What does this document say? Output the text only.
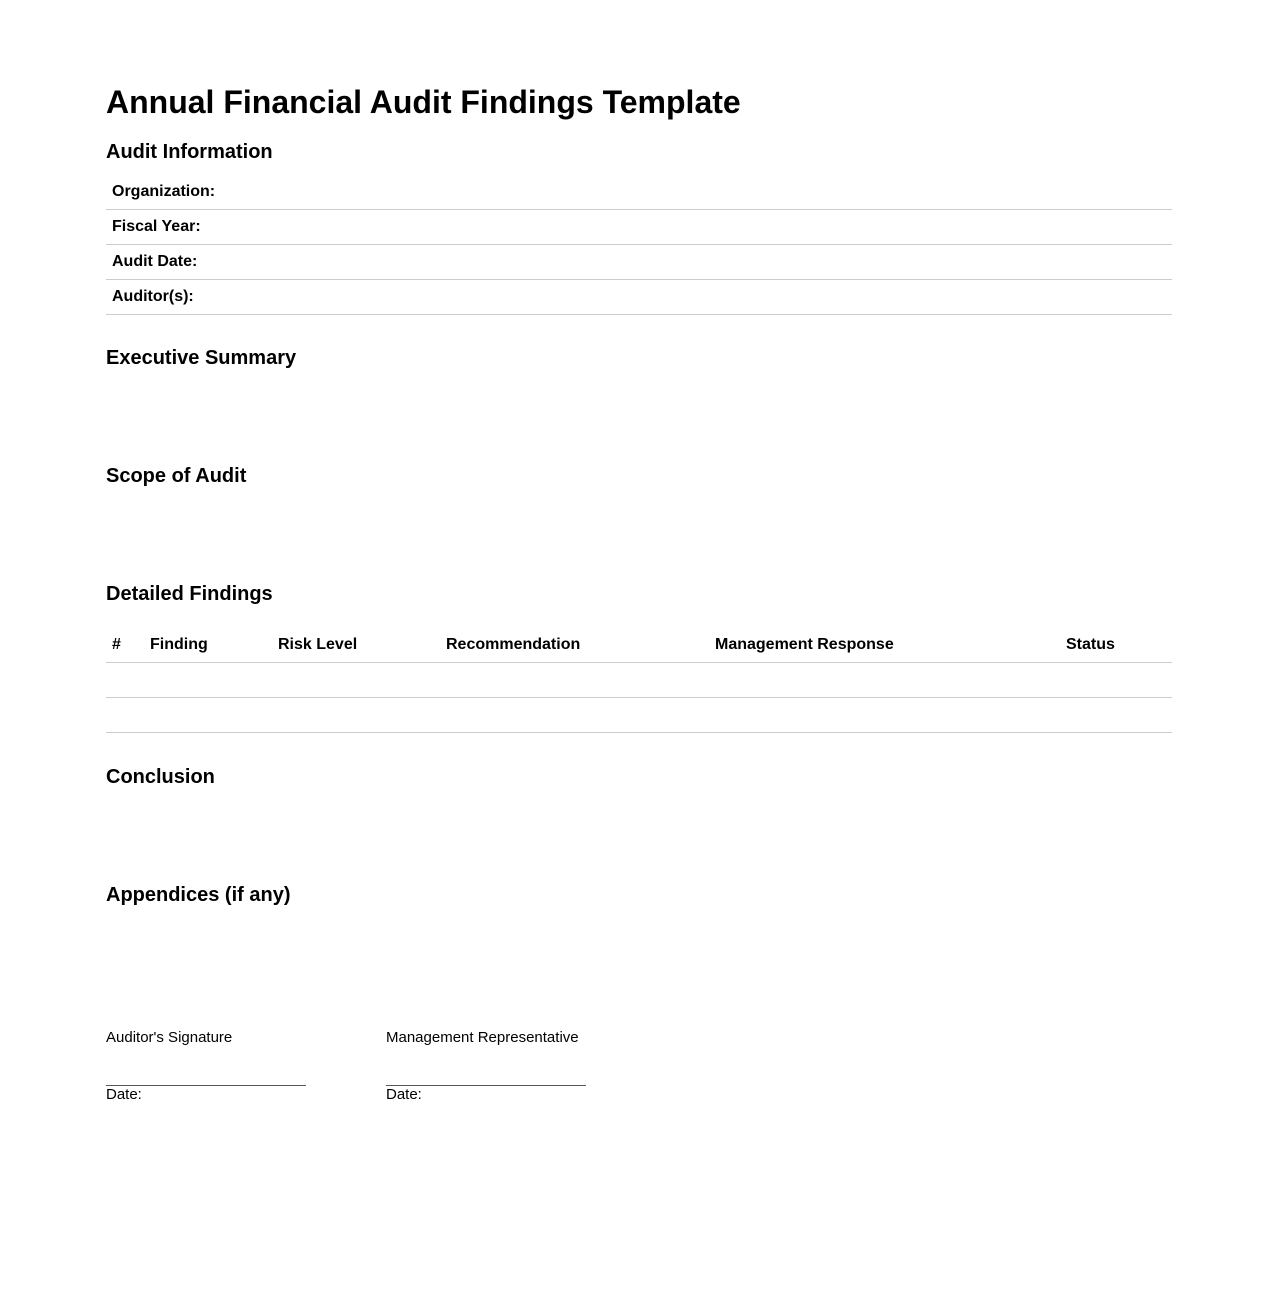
Annual Financial Audit Findings Template
Audit Information
Organization:	
Fiscal Year:	
Audit Date:	
Auditor(s):	
Executive Summary
Scope of Audit
Detailed Findings
#	Finding	Risk Level	Recommendation	Management Response	Status

Conclusion
Appendices (if any)
Auditor's Signature
Date:
Management Representative
Date:
